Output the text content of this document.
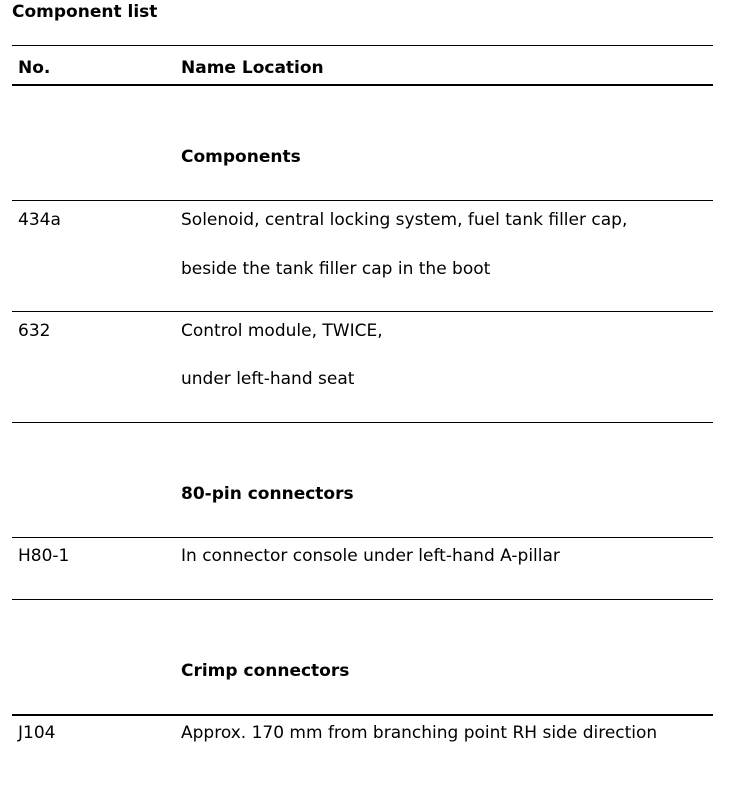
Component list
No.	Name Location
Components
434a	Solenoid, central locking system, fuel tank filler cap,
beside the tank filler cap in the boot
632	Control module, TWICE,
under left-hand seat
80-pin connectors
H80-1	In connector console under left-hand A-pillar
Crimp connectors
J104	Approx. 170 mm from branching point RH side direction
